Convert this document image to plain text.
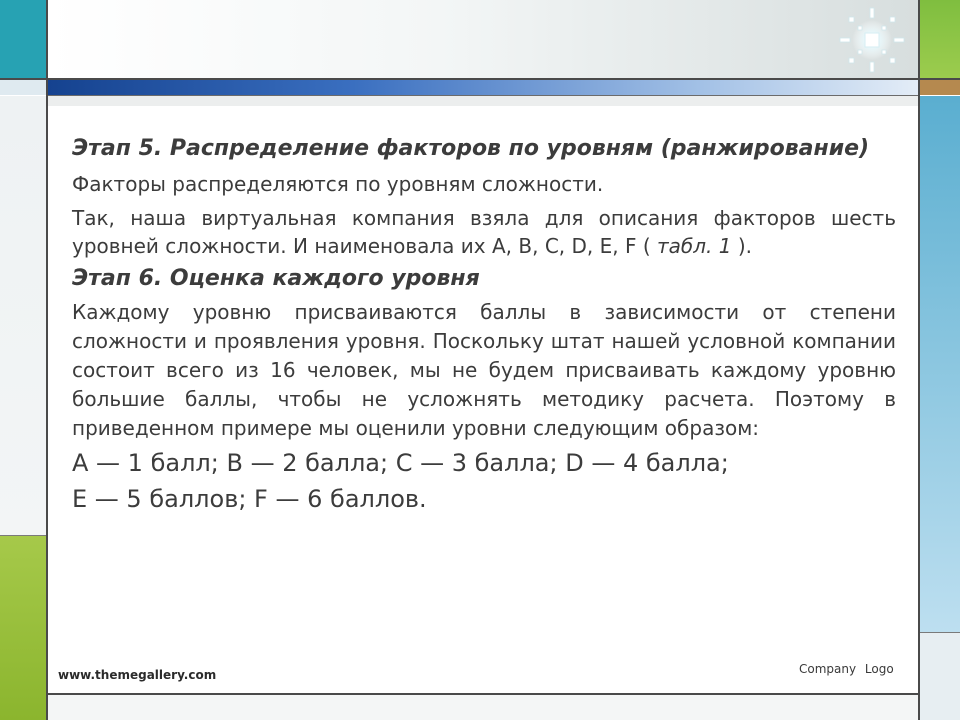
Этап 5. Распределение факторов по уровням (ранжирование)

Факторы распределяются по уровням сложности.

Так, наша виртуальная компания взяла для описания факторов шесть уровней сложности. И наименовала их A, B, C, D, E, F ( табл. 1 ).

Этап 6. Оценка каждого уровня

Каждому уровню присваиваются баллы в зависимости от степени сложности и проявления уровня. Поскольку штат нашей условной компании состоит всего из 16 человек, мы не будем присваивать каждому уровню большие баллы, чтобы не усложнять методику расчета. Поэтому в приведенном примере мы оценили уровни следующим образом:

A — 1 балл; B — 2 балла; C — 3 балла; D — 4 балла;

E — 5 баллов; F — 6 баллов.

www.themegallery.com	Company Logo
